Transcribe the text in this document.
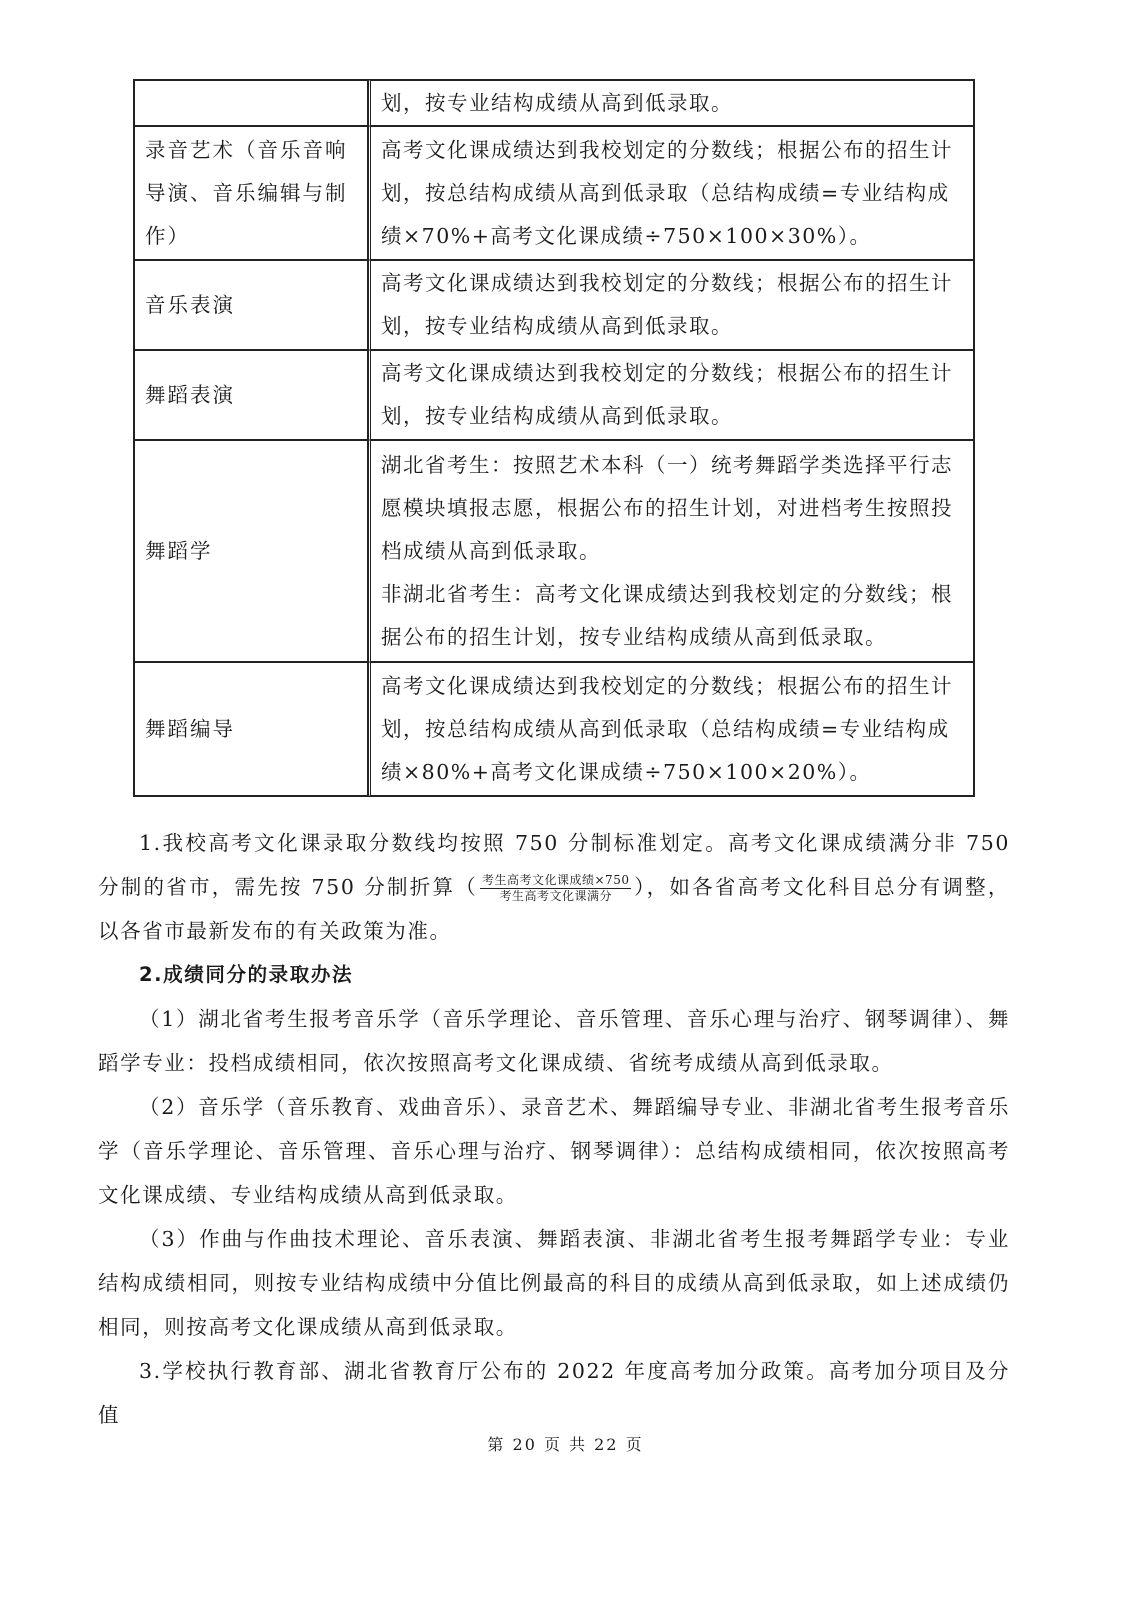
	划，按专业结构成绩从高到低录取。

录音艺术（音乐音响导演、音乐编辑与制作）	高考文化课成绩达到我校划定的分数线；根据公布的招生计划，按总结构成绩从高到低录取（总结构成绩=专业结构成绩×70%+高考文化课成绩÷750×100×30%）。

音乐表演	高考文化课成绩达到我校划定的分数线；根据公布的招生计划，按专业结构成绩从高到低录取。

舞蹈表演	高考文化课成绩达到我校划定的分数线；根据公布的招生计划，按专业结构成绩从高到低录取。

舞蹈学	湖北省考生：按照艺术本科（一）统考舞蹈学类选择平行志愿模块填报志愿，根据公布的招生计划，对进档考生按照投档成绩从高到低录取。
非湖北省考生：高考文化课成绩达到我校划定的分数线；根据公布的招生计划，按专业结构成绩从高到低录取。

舞蹈编导	高考文化课成绩达到我校划定的分数线；根据公布的招生计划，按总结构成绩从高到低录取（总结构成绩=专业结构成绩×80%+高考文化课成绩÷750×100×20%）。

1.我校高考文化课录取分数线均按照 750 分制标准划定。高考文化课成绩满分非 750 分制的省市，需先按 750 分制折算（ $\frac{\text{考生高考文化课成绩×750}}{\text{考生高考文化课满分}}$ ），如各省高考文化科目总分有调整，以各省市最新发布的有关政策为准。

2.成绩同分的录取办法

（1）湖北省考生报考音乐学（音乐学理论、音乐管理、音乐心理与治疗、钢琴调律）、舞蹈学专业：投档成绩相同，依次按照高考文化课成绩、省统考成绩从高到低录取。

（2）音乐学（音乐教育、戏曲音乐）、录音艺术、舞蹈编导专业、非湖北省考生报考音乐学（音乐学理论、音乐管理、音乐心理与治疗、钢琴调律）：总结构成绩相同，依次按照高考文化课成绩、专业结构成绩从高到低录取。

（3）作曲与作曲技术理论、音乐表演、舞蹈表演、非湖北省考生报考舞蹈学专业：专业结构成绩相同，则按专业结构成绩中分值比例最高的科目的成绩从高到低录取，如上述成绩仍相同，则按高考文化课成绩从高到低录取。

3.学校执行教育部、湖北省教育厅公布的 2022 年度高考加分政策。高考加分项目及分值

第 20 页 共 22 页
